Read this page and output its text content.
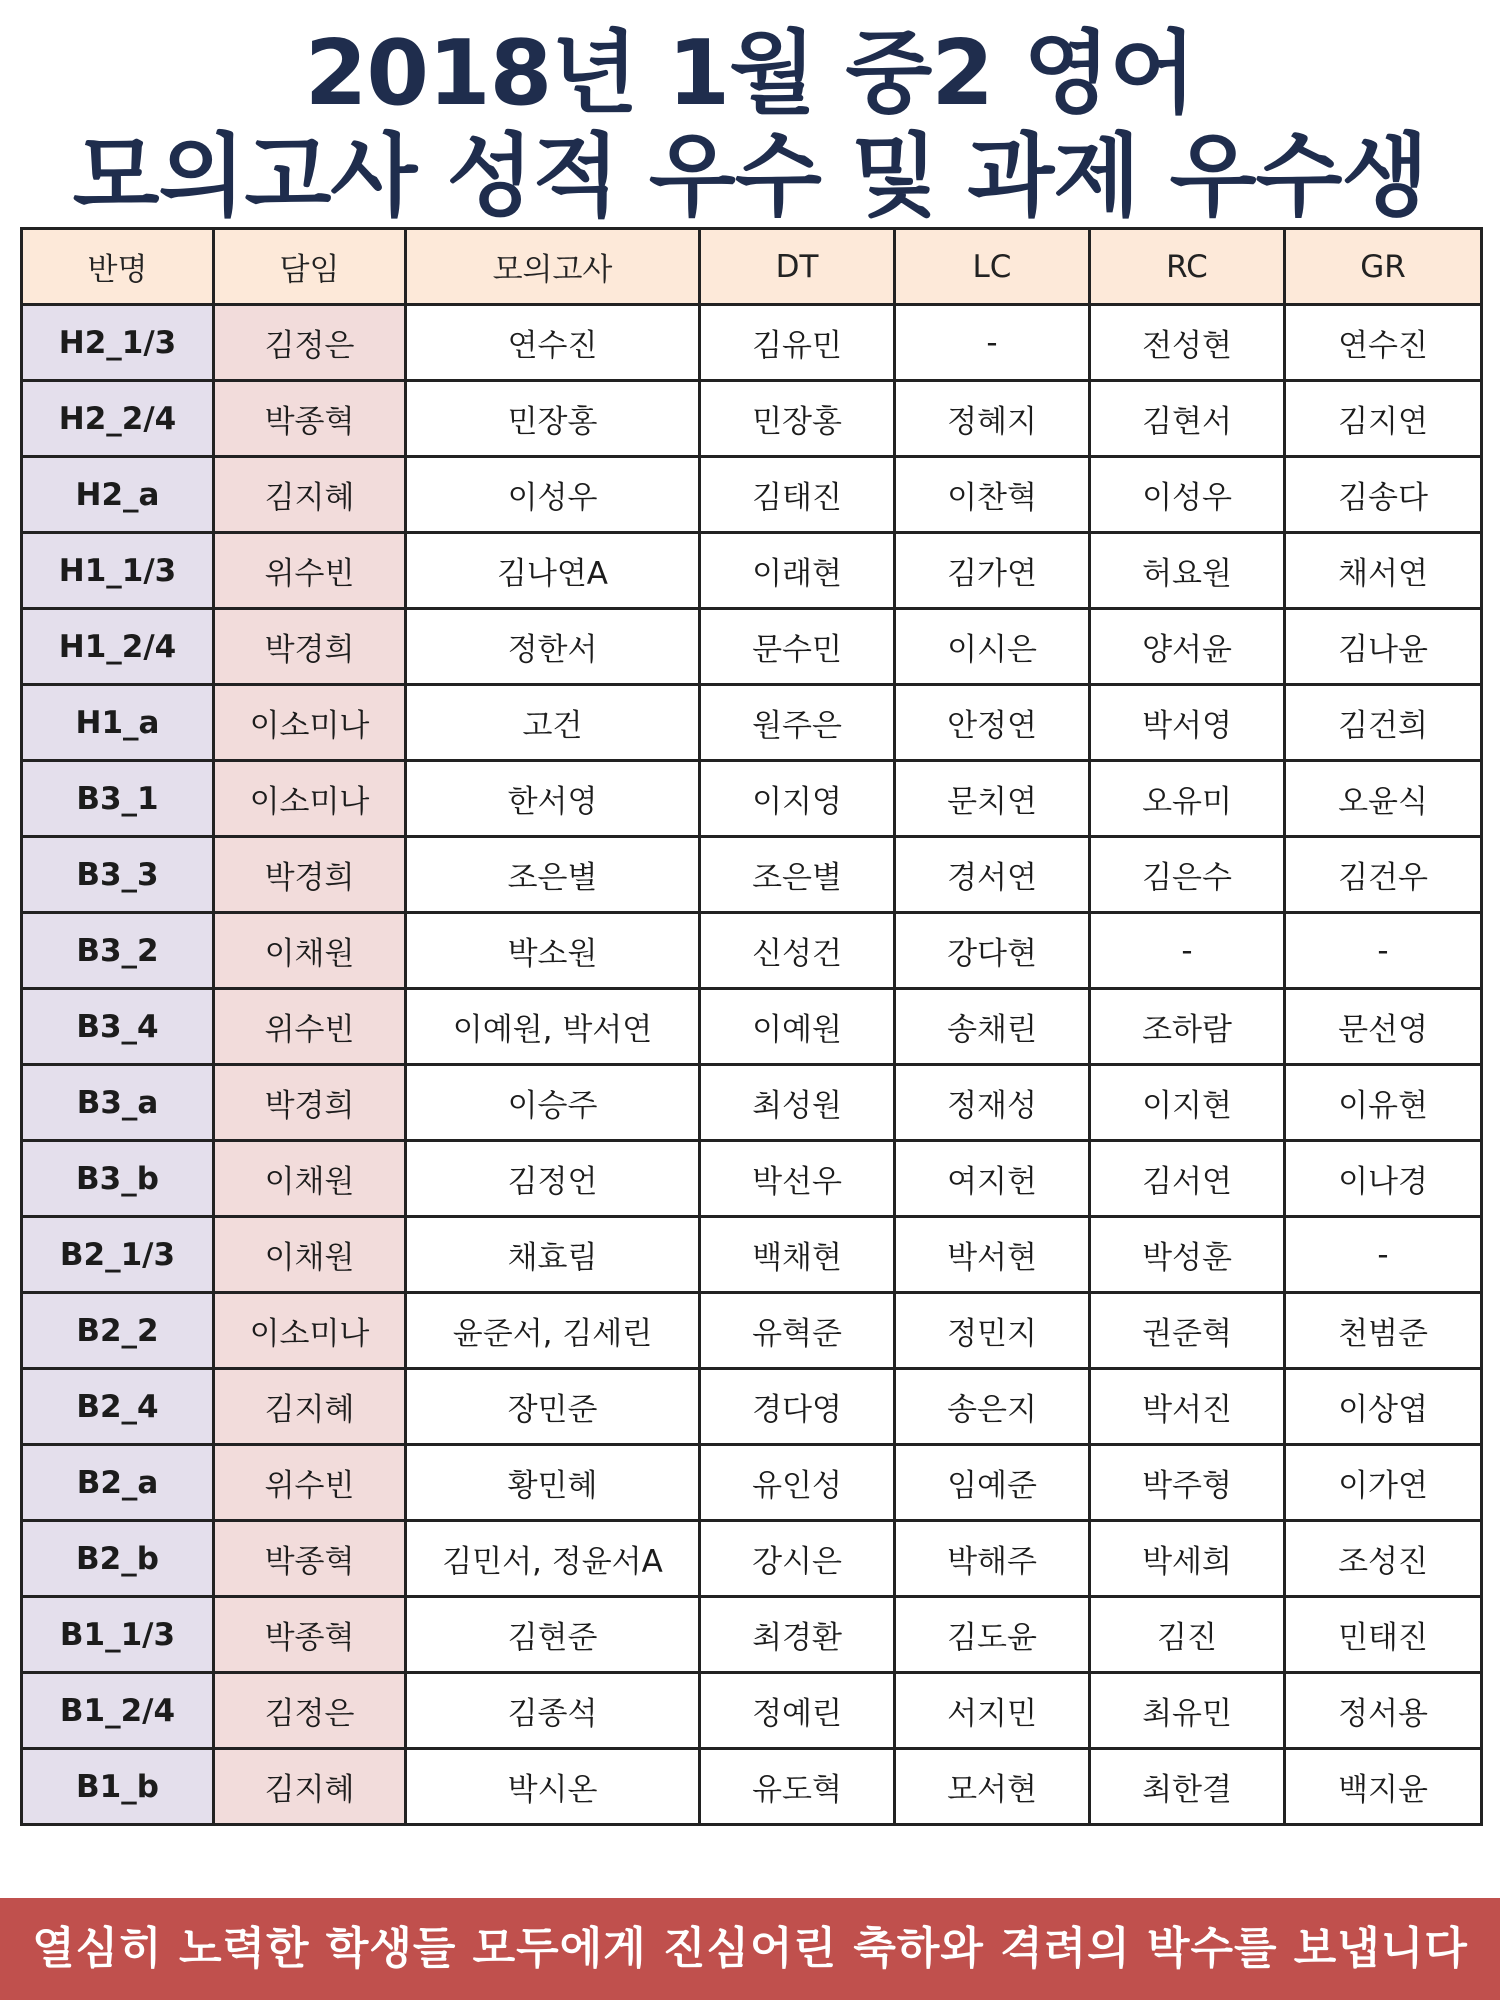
2018년 1월 중2 영어
모의고사 성적 우수 및 과제 우수생
반명	담임	모의고사	DT	LC	RC	GR
H2_1/3	김정은	연수진	김유민	-	전성현	연수진
H2_2/4	박종혁	민장홍	민장홍	정혜지	김현서	김지연
H2_a	김지혜	이성우	김태진	이찬혁	이성우	김송다
H1_1/3	위수빈	김나연A	이래현	김가연	허요원	채서연
H1_2/4	박경희	정한서	문수민	이시은	양서윤	김나윤
H1_a	이소미나	고건	원주은	안정연	박서영	김건희
B3_1	이소미나	한서영	이지영	문치연	오유미	오윤식
B3_3	박경희	조은별	조은별	경서연	김은수	김건우
B3_2	이채원	박소원	신성건	강다현	-	-
B3_4	위수빈	이예원, 박서연	이예원	송채린	조하람	문선영
B3_a	박경희	이승주	최성원	정재성	이지현	이유현
B3_b	이채원	김정언	박선우	여지헌	김서연	이나경
B2_1/3	이채원	채효림	백채현	박서현	박성훈	-
B2_2	이소미나	윤준서, 김세린	유혁준	정민지	권준혁	천범준
B2_4	김지혜	장민준	경다영	송은지	박서진	이상엽
B2_a	위수빈	황민혜	유인성	임예준	박주형	이가연
B2_b	박종혁	김민서, 정윤서A	강시은	박해주	박세희	조성진
B1_1/3	박종혁	김현준	최경환	김도윤	김진	민태진
B1_2/4	김정은	김종석	정예린	서지민	최유민	정서용
B1_b	김지혜	박시온	유도혁	모서현	최한결	백지윤
열심히 노력한 학생들 모두에게 진심어린 축하와 격려의 박수를 보냅니다
